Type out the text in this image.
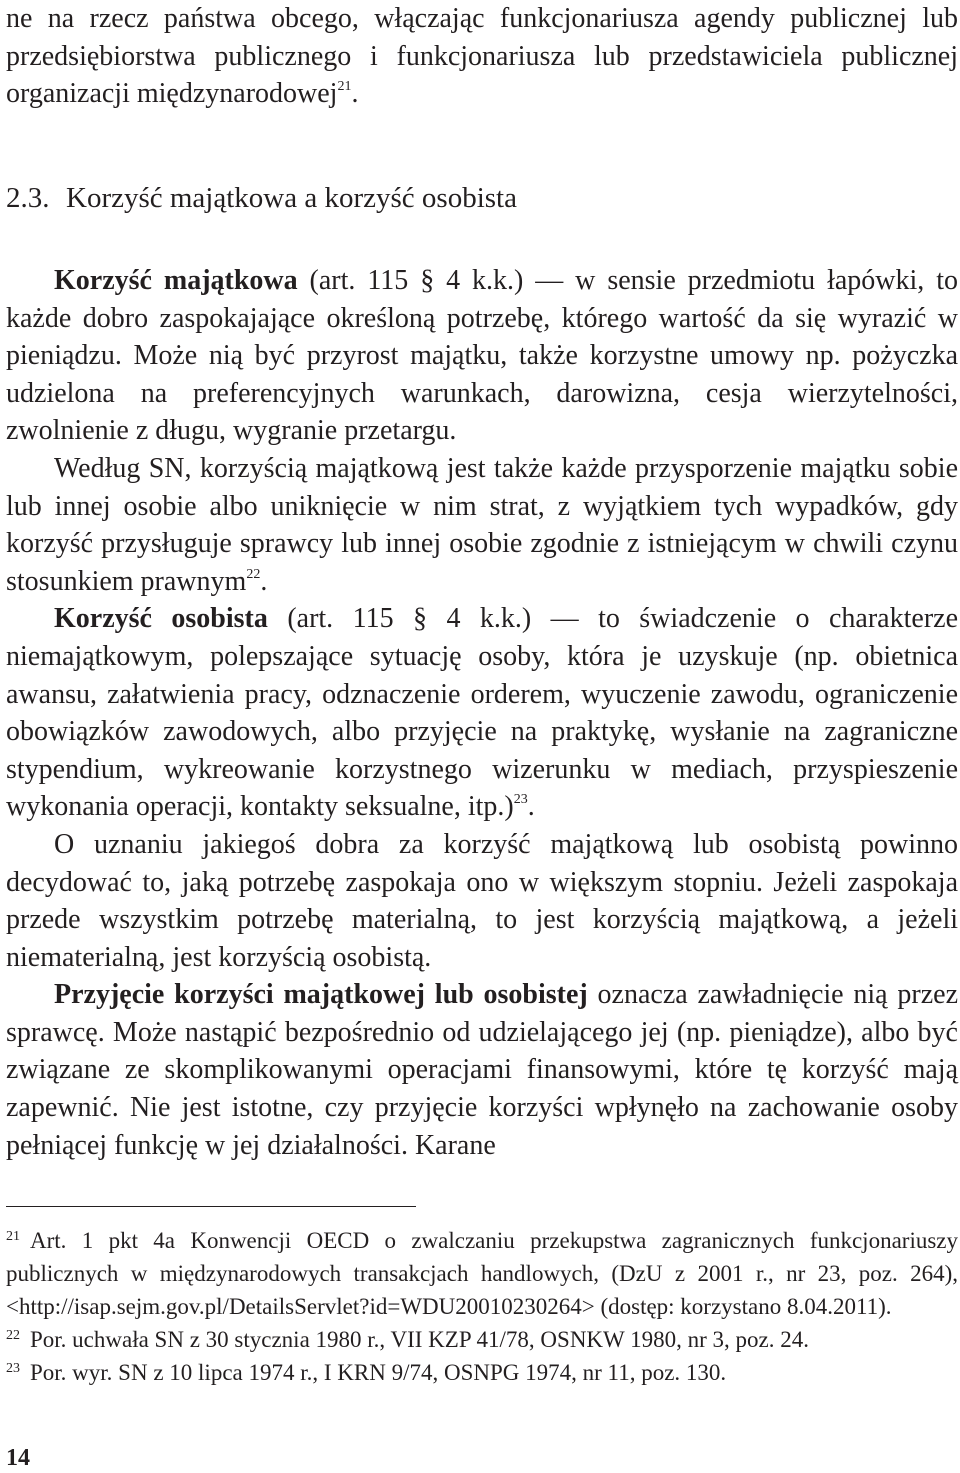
ne na rzecz państwa obcego, włączając funkcjonariusza agendy publicznej lub przedsiębiorstwa publicznego i funkcjonariusza lub przedstawiciela publicznej organizacji międzynarodowej$^{21}$.

2.3. Korzyść majątkowa a korzyść osobista

Korzyść majątkowa (art. 115 § 4 k.k.) — w sensie przedmiotu łapówki, to każde dobro zaspokajające określoną potrzebę, którego wartość da się wyrazić w pieniądzu. Może nią być przyrost majątku, także korzystne umowy np. pożyczka udzielona na preferencyjnych warunkach, darowizna, cesja wierzytelności, zwolnienie z długu, wygranie przetargu.

Według SN, korzyścią majątkową jest także każde przysporzenie majątku sobie lub innej osobie albo uniknięcie w nim strat, z wyjątkiem tych wypadków, gdy korzyść przysługuje sprawcy lub innej osobie zgodnie z istniejącym w chwili czynu stosunkiem prawnym$^{22}$.

Korzyść osobista (art. 115 § 4 k.k.) — to świadczenie o charakterze niemajątkowym, polepszające sytuację osoby, która je uzyskuje (np. obietnica awansu, załatwienia pracy, odznaczenie orderem, wyuczenie zawodu, ograniczenie obowiązków zawodowych, albo przyjęcie na praktykę, wysłanie na zagraniczne stypendium, wykreowanie korzystnego wizerunku w mediach, przyspieszenie wykonania operacji, kontakty seksualne, itp.)$^{23}$.

O uznaniu jakiegoś dobra za korzyść majątkową lub osobistą powinno decydować to, jaką potrzebę zaspokaja ono w większym stopniu. Jeżeli zaspokaja przede wszystkim potrzebę materialną, to jest korzyścią majątkową, a jeżeli niematerialną, jest korzyścią osobistą.

Przyjęcie korzyści majątkowej lub osobistej oznacza zawładnięcie nią przez sprawcę. Może nastąpić bezpośrednio od udzielającego jej (np. pieniądze), albo być związane ze skomplikowanymi operacjami finansowymi, które tę korzyść mają zapewnić. Nie jest istotne, czy przyjęcie korzyści wpłynęło na zachowanie osoby pełniącej funkcję w jej działalności. Karane

$^{21}$ Art. 1 pkt 4a Konwencji OECD o zwalczaniu przekupstwa zagranicznych funkcjonariuszy publicznych w międzynarodowych transakcjach handlowych, (DzU z 2001 r., nr 23, poz. 264), <http://isap.sejm.gov.pl/DetailsServlet?id=WDU20010230264> (dostęp: korzystano 8.04.2011).

$^{22}$ Por. uchwała SN z 30 stycznia 1980 r., VII KZP 41/78, OSNKW 1980, nr 3, poz. 24.

$^{23}$ Por. wyr. SN z 10 lipca 1974 r., I KRN 9/74, OSNPG 1974, nr 11, poz. 130.

14
